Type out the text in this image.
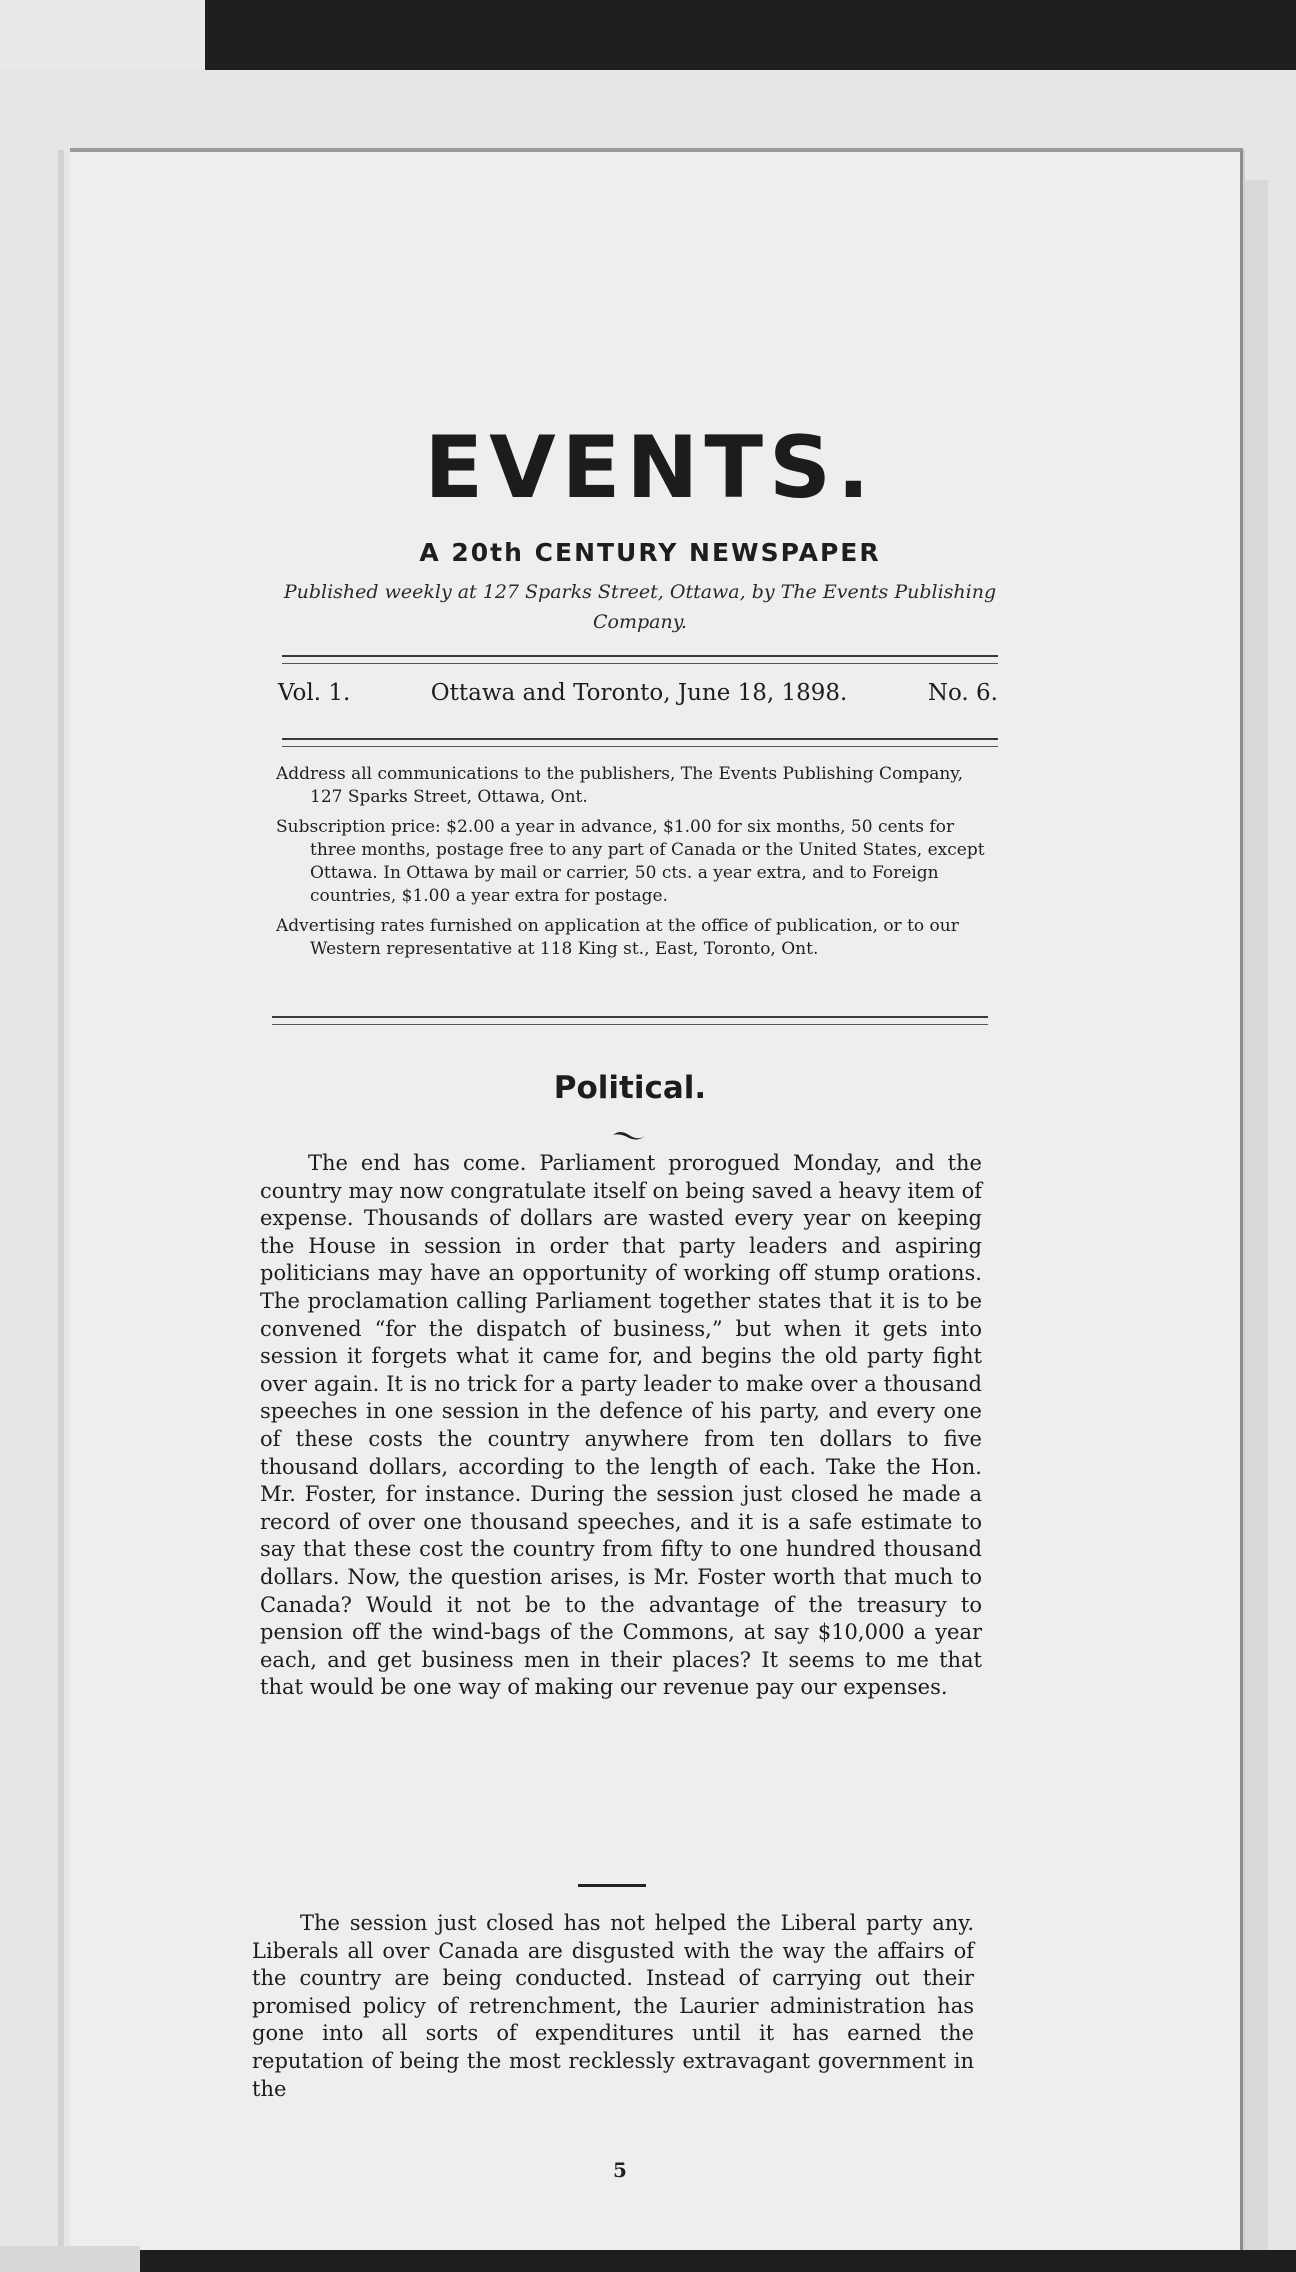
EVENTS.
A 20th CENTURY NEWSPAPER
Published weekly at 127 Sparks Street, Ottawa, by The Events Publishing Company.
Vol. 1.	Ottawa and Toronto, June 18, 1898.	No. 6.

Address all communications to the publishers, The Events Publishing Company, 127 Sparks Street, Ottawa, Ont.

Subscription price: $2.00 a year in advance, $1.00 for six months, 50 cents for three months, postage free to any part of Canada or the United States, except Ottawa. In Ottawa by mail or carrier, 50 cts. a year extra, and to Foreign countries, $1.00 a year extra for postage.

Advertising rates furnished on application at the office of publication, or to our Western representative at 118 King st., East, Toronto, Ont.

Political.

The end has come. Parliament prorogued Monday, and the country may now congratulate itself on being saved a heavy item of expense. Thousands of dollars are wasted every year on keeping the House in session in order that party leaders and aspiring politicians may have an opportunity of working off stump orations. The proclamation calling Parliament together states that it is to be convened “for the dispatch of business,” but when it gets into session it forgets what it came for, and begins the old party fight over again. It is no trick for a party leader to make over a thousand speeches in one session in the defence of his party, and every one of these costs the country anywhere from ten dollars to five thousand dollars, according to the length of each. Take the Hon. Mr. Foster, for instance. During the session just closed he made a record of over one thousand speeches, and it is a safe estimate to say that these cost the country from fifty to one hundred thousand dollars. Now, the question arises, is Mr. Foster worth that much to Canada? Would it not be to the advantage of the treasury to pension off the wind-bags of the Commons, at say $10,000 a year each, and get business men in their places? It seems to me that that would be one way of making our revenue pay our expenses.

The session just closed has not helped the Liberal party any. Liberals all over Canada are disgusted with the way the affairs of the country are being conducted. Instead of carrying out their promised policy of retrenchment, the Laurier administration has gone into all sorts of expenditures until it has earned the reputation of being the most recklessly extravagant government in the

5
